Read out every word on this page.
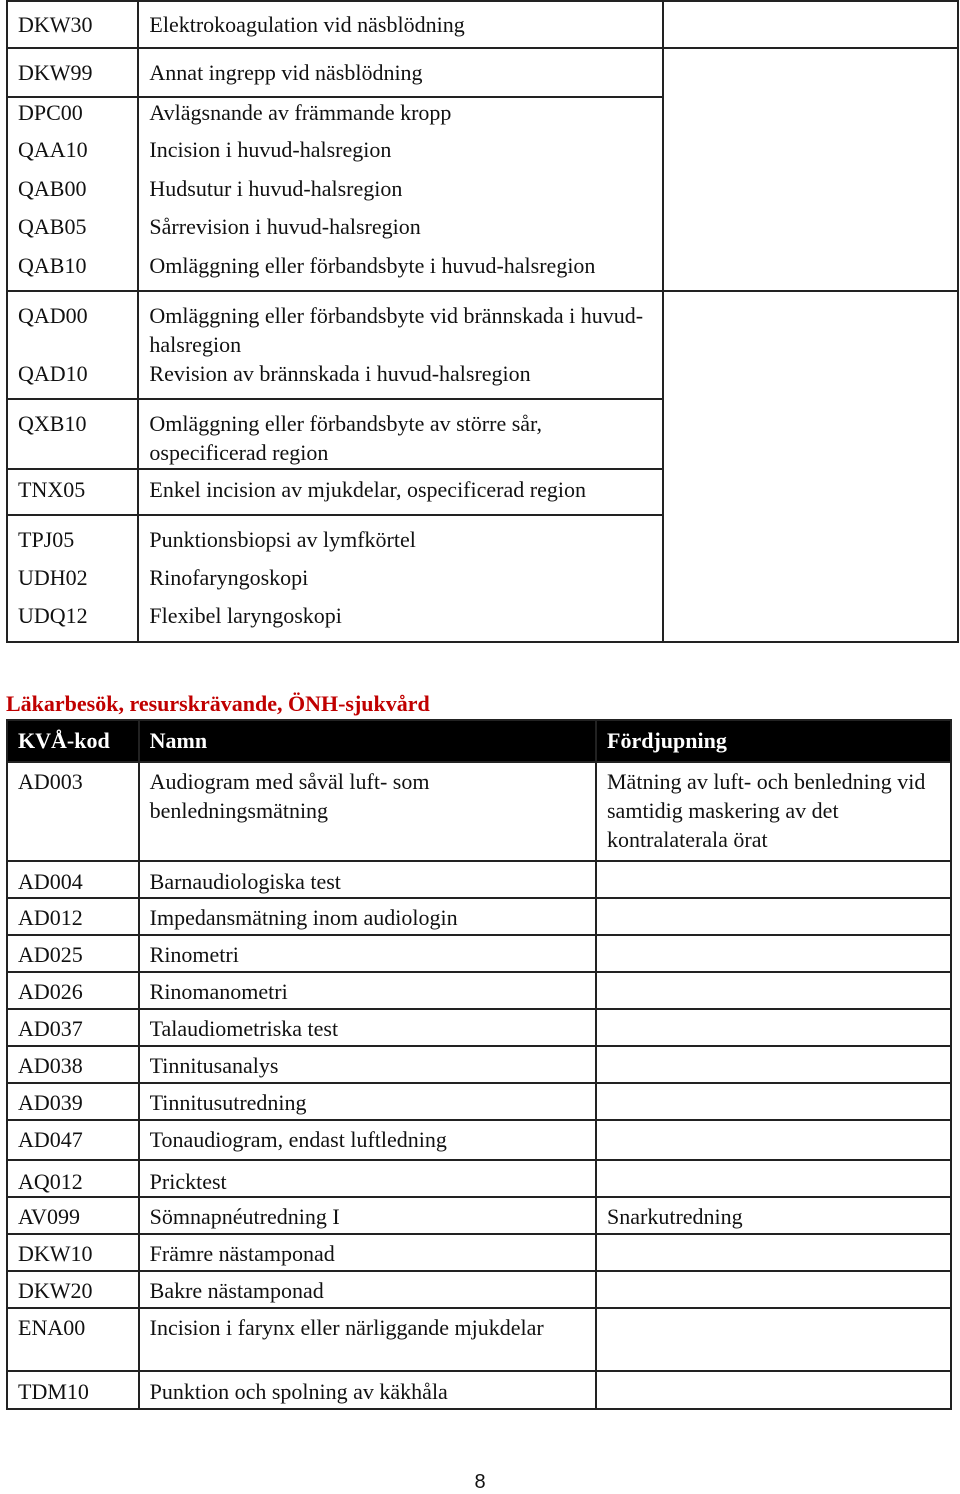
DKW30	Elektrokoagulation vid näsblödning	
DKW99	Annat ingrepp vid näsblödning	
DPC00	Avlägsnande av främmande kropp	
QAA10	Incision i huvud-halsregion	
QAB00	Hudsutur i huvud-halsregion	
QAB05	Sårrevision i huvud-halsregion	
QAB10	Omläggning eller förbandsbyte i huvud-halsregion	
QAD00	Omläggning eller förbandsbyte vid brännskada i huvud-halsregion	
QAD10	Revision av brännskada i huvud-halsregion	
QXB10	Omläggning eller förbandsbyte av större sår, ospecificerad region	
TNX05	Enkel incision av mjukdelar, ospecificerad region	
TPJ05	Punktionsbiopsi av lymfkörtel	
UDH02	Rinofaryngoskopi	
UDQ12	Flexibel laryngoskopi	
Läkarbesök, resurskrävande, ÖNH-sjukvård
KVÅ-kod	Namn	Fördjupning
AD003	Audiogram med såväl luft- som benledningsmätning	Mätning av luft- och benledning vid samtidig maskering av det kontralaterala örat
AD004	Barnaudiologiska test	
AD012	Impedansmätning inom audiologin	
AD025	Rinometri	
AD026	Rinomanometri	
AD037	Talaudiometriska test	
AD038	Tinnitusanalys	
AD039	Tinnitusutredning	
AD047	Tonaudiogram, endast luftledning	
AQ012	Pricktest	
AV099	Sömnapnéutredning I	Snarkutredning
DKW10	Främre nästamponad	
DKW20	Bakre nästamponad	
ENA00	Incision i farynx eller närliggande mjukdelar	
TDM10	Punktion och spolning av käkhåla	
8
